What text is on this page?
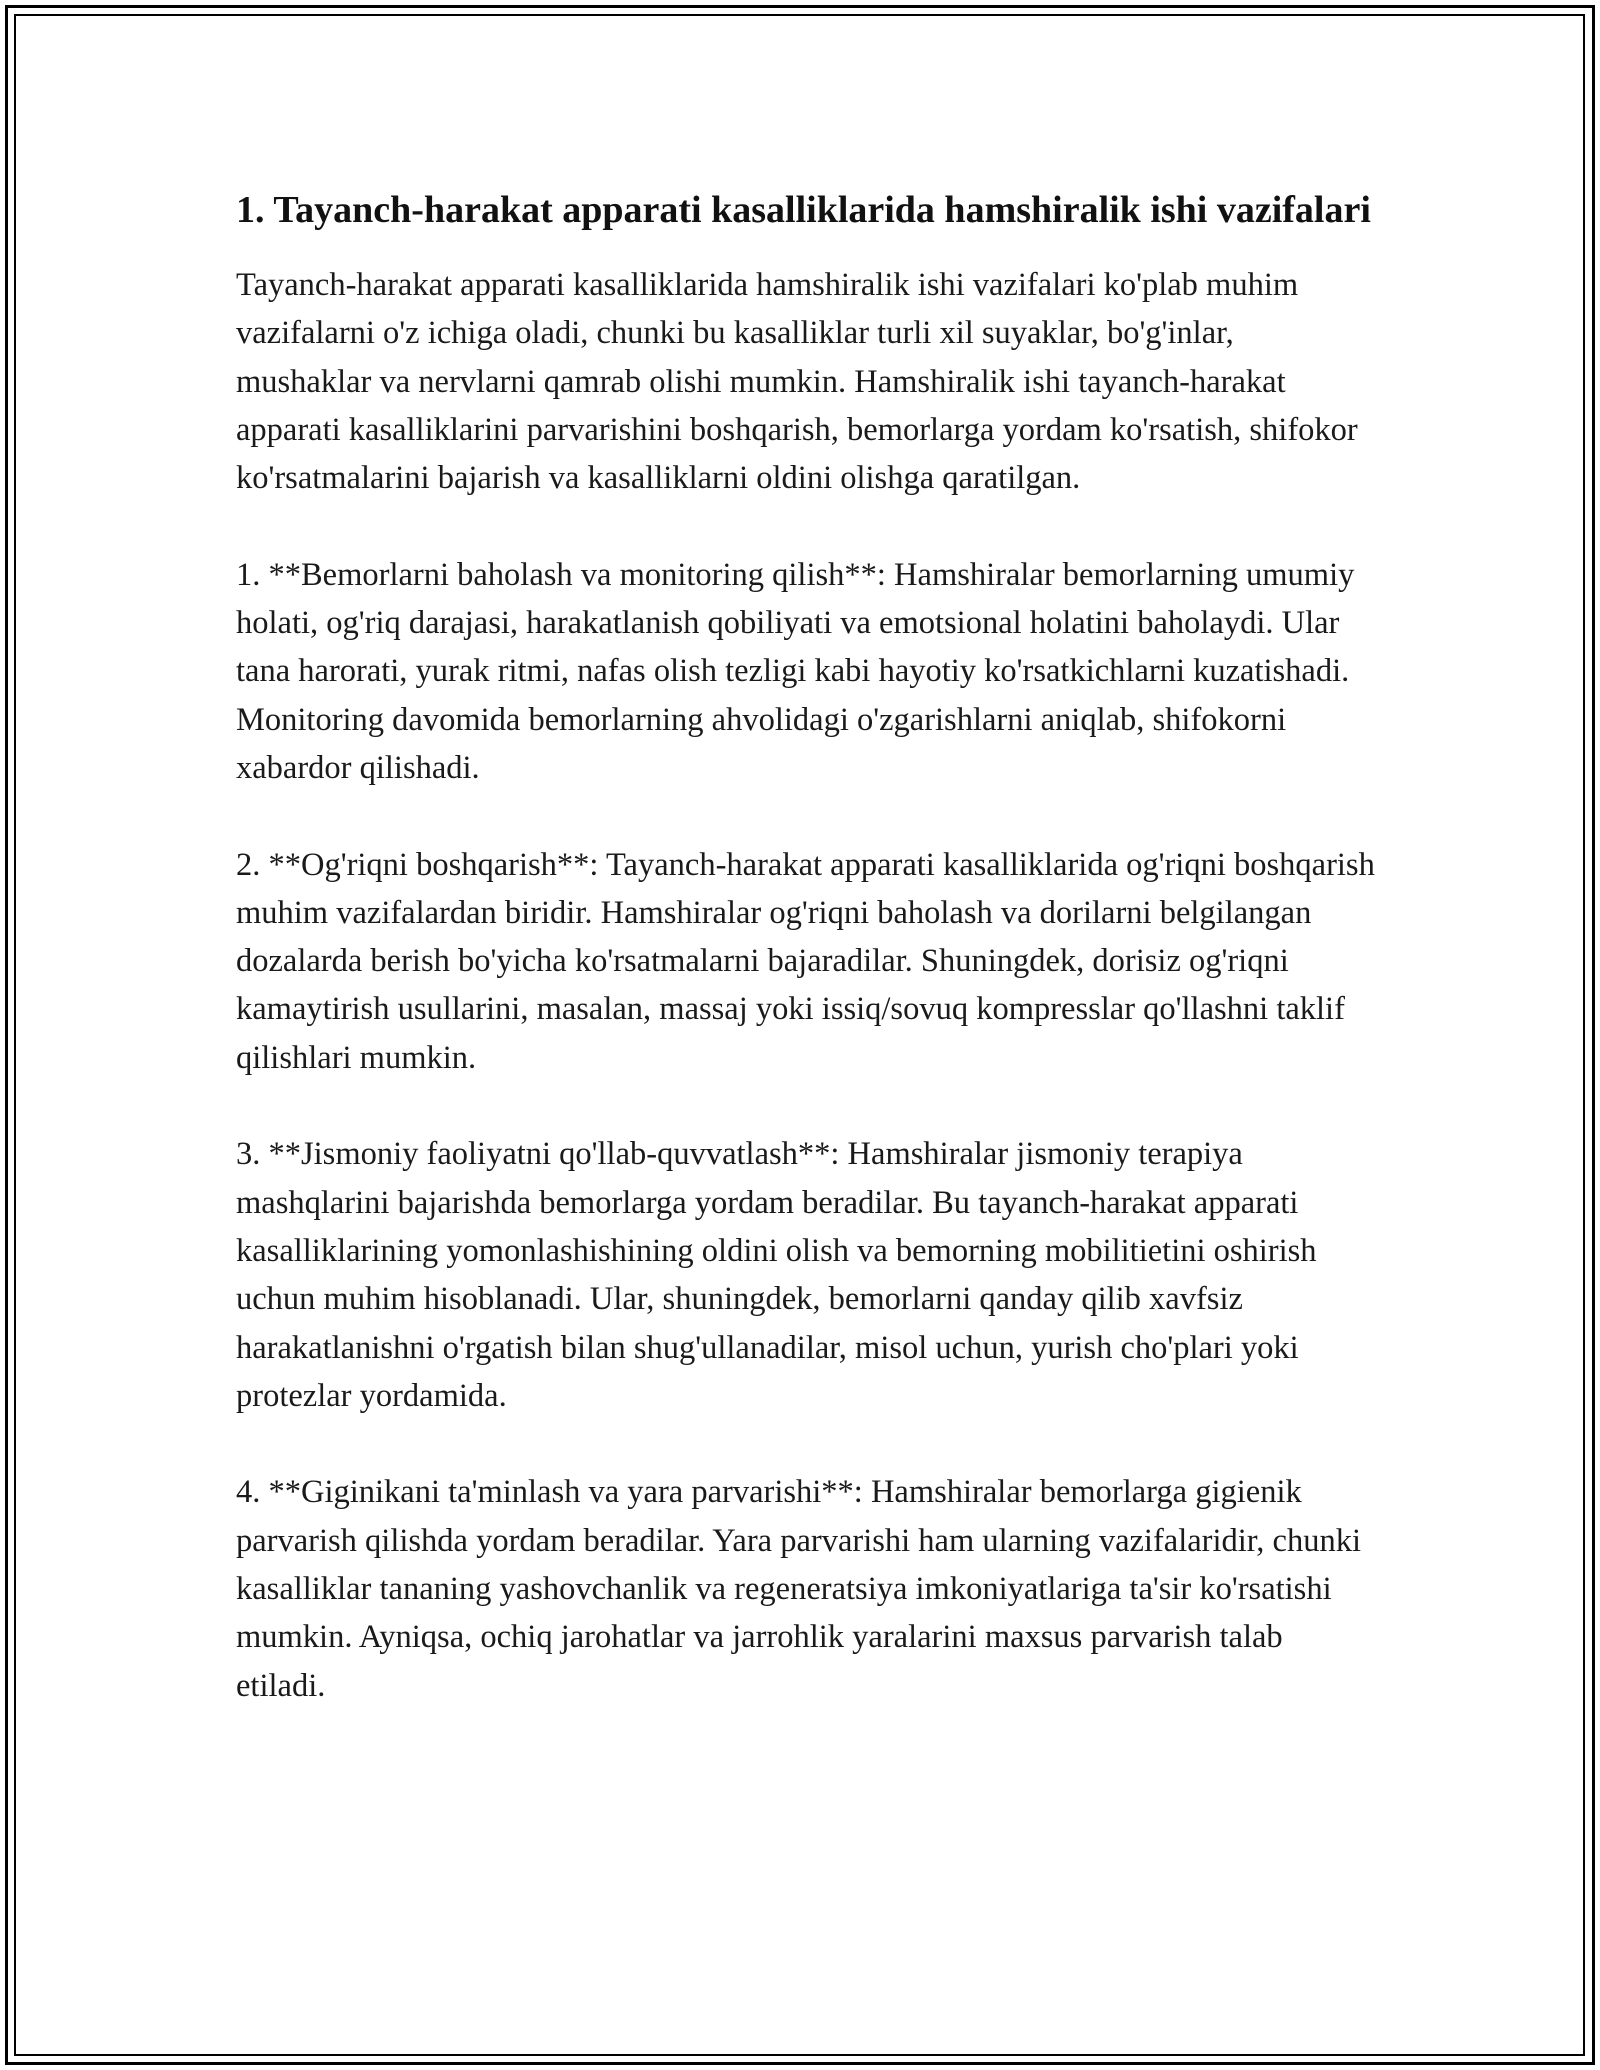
1. Tayanch-harakat apparati kasalliklarida hamshiralik ishi vazifalari

Tayanch-harakat apparati kasalliklarida hamshiralik ishi vazifalari ko'plab muhim vazifalarni o'z ichiga oladi, chunki bu kasalliklar turli xil suyaklar, bo'g'inlar, mushaklar va nervlarni qamrab olishi mumkin. Hamshiralik ishi tayanch-harakat apparati kasalliklarini parvarishini boshqarish, bemorlarga yordam ko'rsatish, shifokor ko'rsatmalarini bajarish va kasalliklarni oldini olishga qaratilgan.

1. **Bemorlarni baholash va monitoring qilish**: Hamshiralar bemorlarning umumiy holati, og'riq darajasi, harakatlanish qobiliyati va emotsional holatini baholaydi. Ular tana harorati, yurak ritmi, nafas olish tezligi kabi hayotiy ko'rsatkichlarni kuzatishadi. Monitoring davomida bemorlarning ahvolidagi o'zgarishlarni aniqlab, shifokorni xabardor qilishadi.

2. **Og'riqni boshqarish**: Tayanch-harakat apparati kasalliklarida og'riqni boshqarish muhim vazifalardan biridir. Hamshiralar og'riqni baholash va dorilarni belgilangan dozalarda berish bo'yicha ko'rsatmalarni bajaradilar. Shuningdek, dorisiz og'riqni kamaytirish usullarini, masalan, massaj yoki issiq/sovuq kompresslar qo'llashni taklif qilishlari mumkin.

3. **Jismoniy faoliyatni qo'llab-quvvatlash**: Hamshiralar jismoniy terapiya mashqlarini bajarishda bemorlarga yordam beradilar. Bu tayanch-harakat apparati kasalliklarining yomonlashishining oldini olish va bemorning mobilitietini oshirish uchun muhim hisoblanadi. Ular, shuningdek, bemorlarni qanday qilib xavfsiz harakatlanishni o'rgatish bilan shug'ullanadilar, misol uchun, yurish cho'plari yoki protezlar yordamida.

4. **Giginikani ta'minlash va yara parvarishi**: Hamshiralar bemorlarga gigienik parvarish qilishda yordam beradilar. Yara parvarishi ham ularning vazifalaridir, chunki kasalliklar tananing yashovchanlik va regeneratsiya imkoniyatlariga ta'sir ko'rsatishi mumkin. Ayniqsa, ochiq jarohatlar va jarrohlik yaralarini maxsus parvarish talab etiladi.
